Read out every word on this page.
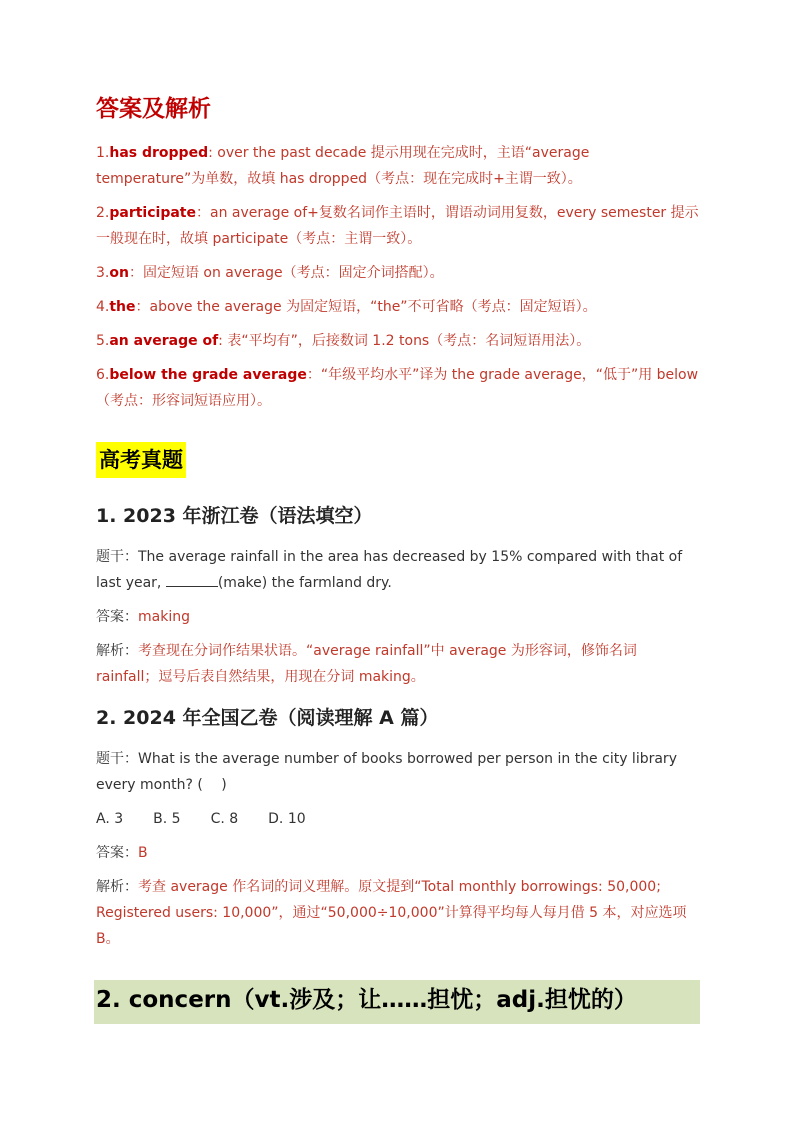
答案及解析

1.has dropped: over the past decade 提示用现在完成时，主语“average temperature”为单数，故填 has dropped（考点：现在完成时+主谓一致）。

2.participate：an average of+复数名词作主语时，谓语动词用复数，every semester 提示一般现在时，故填 participate（考点：主谓一致）。

3.on：固定短语 on average（考点：固定介词搭配）。

4.the：above the average 为固定短语，“the”不可省略（考点：固定短语）。

5.an average of: 表“平均有”，后接数词 1.2 tons（考点：名词短语用法）。

6.below the grade average：“年级平均水平”译为 the grade average，“低于”用 below（考点：形容词短语应用）。

高考真题
1. 2023 年浙江卷（语法填空）

题干：The average rainfall in the area has decreased by 15% compared with that of last year,	(make) the farmland dry.

答案：making

解析：考查现在分词作结果状语。“average rainfall”中 average 为形容词，修饰名词 rainfall；逗号后表自然结果，用现在分词 making。

2. 2024 年全国乙卷（阅读理解 A 篇）

题干：What is the average number of books borrowed per person in the city library every month? (　 )

A. 3 B. 5 C. 8 D. 10

答案：B

解析：考查 average 作名词的词义理解。原文提到“Total monthly borrowings: 50,000; Registered users: 10,000”，通过“50,000÷10,000”计算得平均每人每月借 5 本，对应选项 B。

2. concern（vt.涉及；让……担忧；adj.担忧的）
